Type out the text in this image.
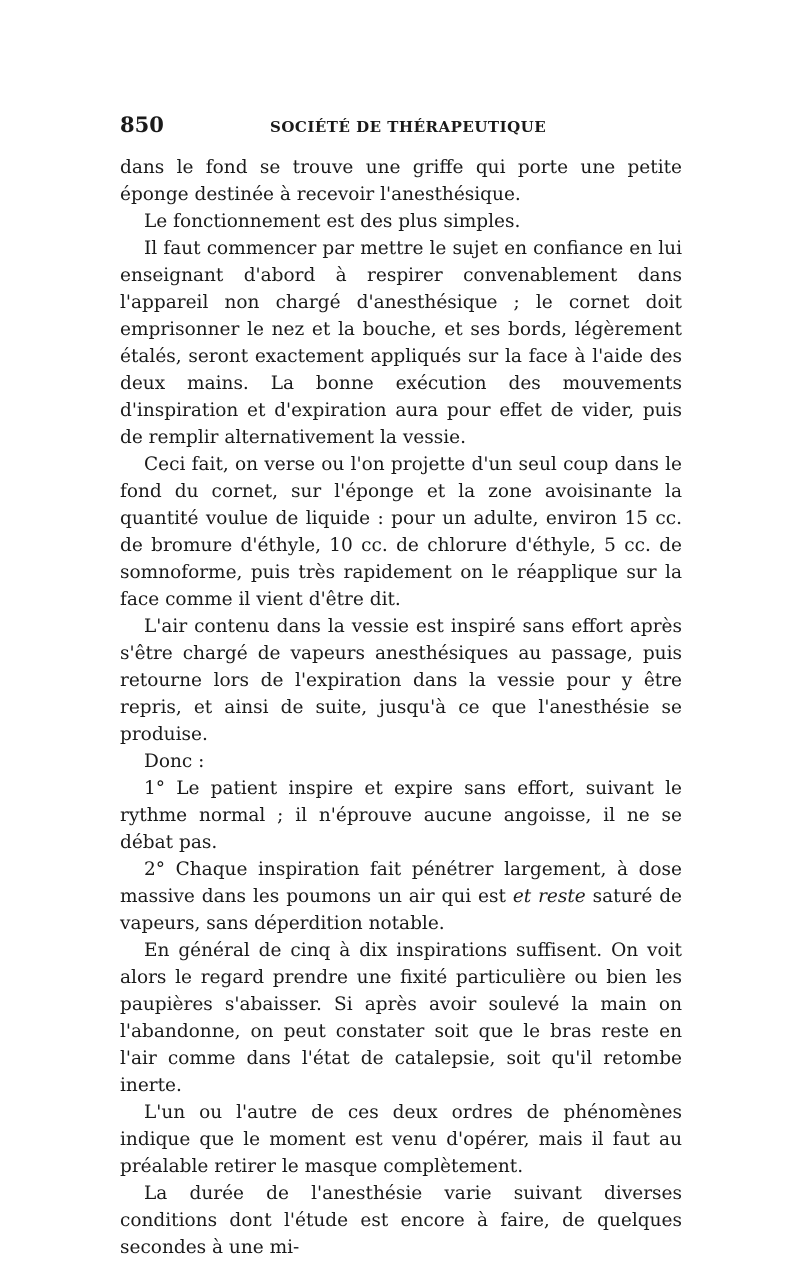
850	SOCIÉTÉ DE THÉRAPEUTIQUE

dans le fond se trouve une griffe qui porte une petite éponge destinée à recevoir l'anesthésique.

Le fonctionnement est des plus simples.

Il faut commencer par mettre le sujet en confiance en lui enseignant d'abord à respirer convenablement dans l'appareil non chargé d'anesthésique ; le cornet doit emprisonner le nez et la bouche, et ses bords, légèrement étalés, seront exactement appliqués sur la face à l'aide des deux mains. La bonne exécution des mouvements d'inspiration et d'expiration aura pour effet de vider, puis de remplir alternativement la vessie.

Ceci fait, on verse ou l'on projette d'un seul coup dans le fond du cornet, sur l'éponge et la zone avoisinante la quantité voulue de liquide : pour un adulte, environ 15 cc. de bromure d'éthyle, 10 cc. de chlorure d'éthyle, 5 cc. de somnoforme, puis très rapidement on le réapplique sur la face comme il vient d'être dit.

L'air contenu dans la vessie est inspiré sans effort après s'être chargé de vapeurs anesthésiques au passage, puis retourne lors de l'expiration dans la vessie pour y être repris, et ainsi de suite, jusqu'à ce que l'anesthésie se produise.

Donc :

1° Le patient inspire et expire sans effort, suivant le rythme normal ; il n'éprouve aucune angoisse, il ne se débat pas.

2° Chaque inspiration fait pénétrer largement, à dose massive dans les poumons un air qui est et reste saturé de vapeurs, sans déperdition notable.

En général de cinq à dix inspirations suffisent. On voit alors le regard prendre une fixité particulière ou bien les paupières s'abaisser. Si après avoir soulevé la main on l'abandonne, on peut constater soit que le bras reste en l'air comme dans l'état de catalepsie, soit qu'il retombe inerte.

L'un ou l'autre de ces deux ordres de phénomènes indique que le moment est venu d'opérer, mais il faut au préalable retirer le masque complètement.

La durée de l'anesthésie varie suivant diverses conditions dont l'étude est encore à faire, de quelques secondes à une mi-
